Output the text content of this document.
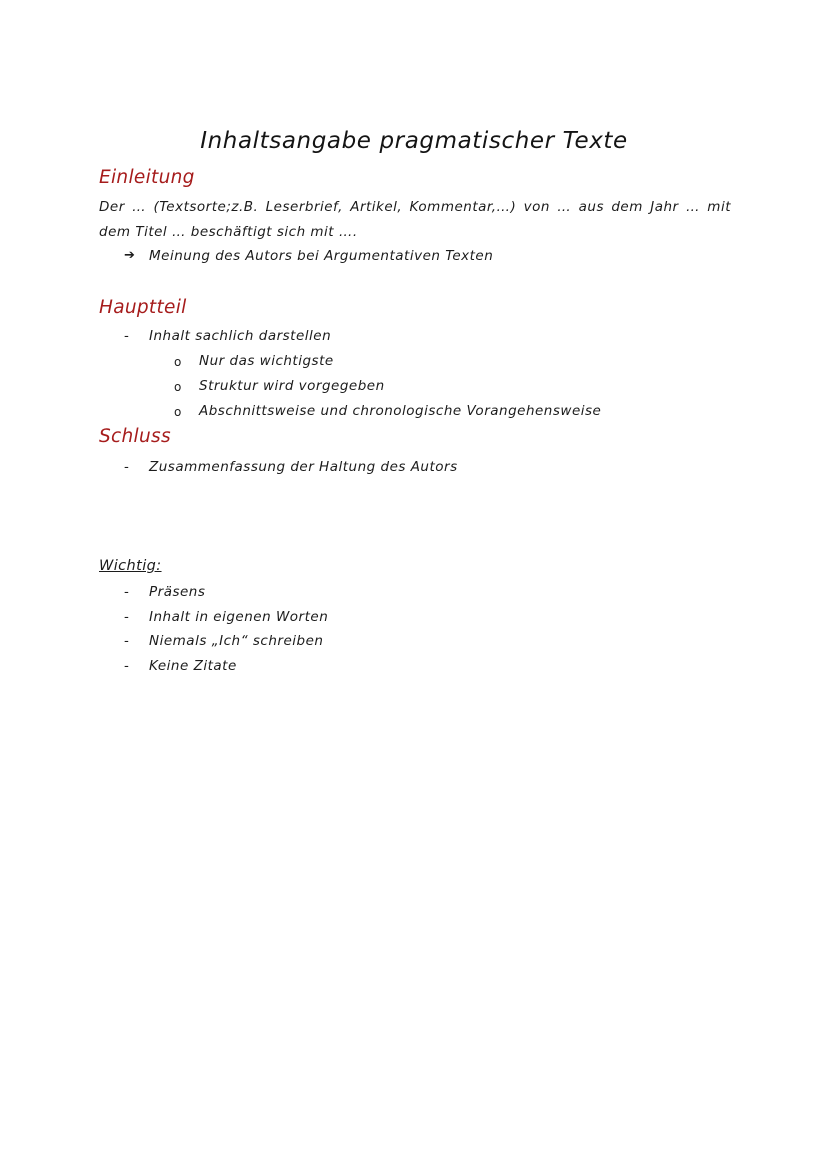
Inhaltsangabe pragmatischer Texte
Einleitung
Der … (Textsorte;z.B. Leserbrief, Artikel, Kommentar,…) von … aus dem Jahr … mit
dem Titel … beschäftigt sich mit ….
➔ Meinung des Autors bei Argumentativen Texten
Hauptteil
- Inhalt sachlich darstellen
o Nur das wichtigste
o Struktur wird vorgegeben
o Abschnittsweise und chronologische Vorangehensweise
Schluss
- Zusammenfassung der Haltung des Autors
Wichtig:
- Präsens
- Inhalt in eigenen Worten
- Niemals „Ich“ schreiben
- Keine Zitate
